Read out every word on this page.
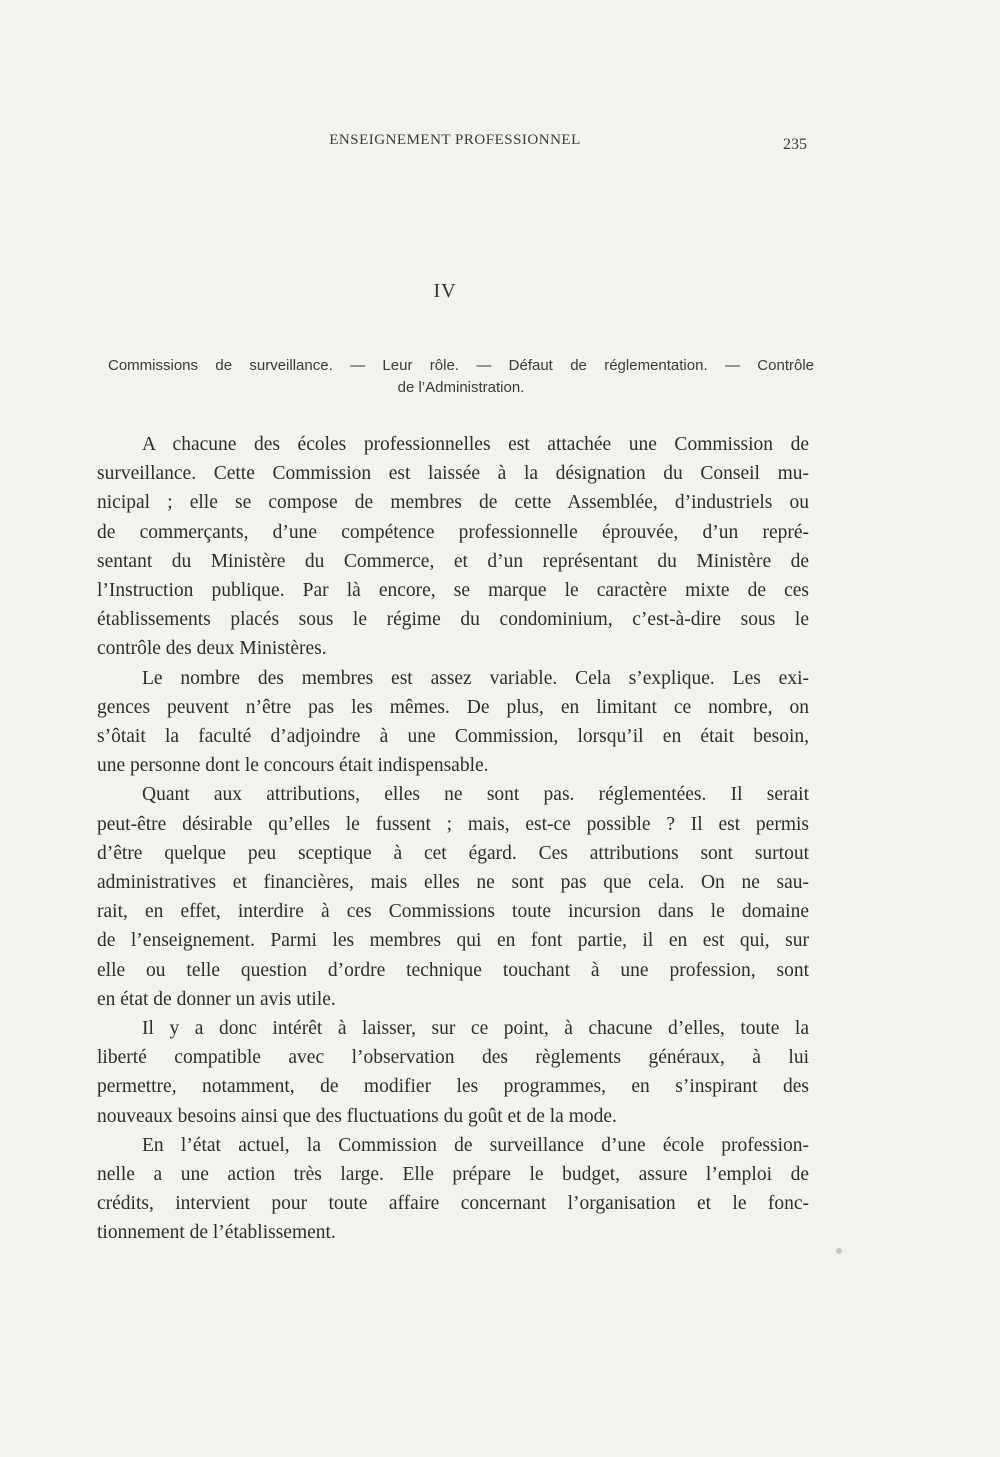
ENSEIGNEMENT PROFESSIONNEL	235
IV
Commissions de surveillance. — Leur rôle. — Défaut de réglementation. — Contrôle
de l’Administration.

A chacune des écoles professionnelles est attachée une Commission de
surveillance. Cette Commission est laissée à la désignation du Conseil mu-
nicipal ; elle se compose de membres de cette Assemblée, d’industriels ou
de commerçants, d’une compétence professionnelle éprouvée, d’un repré-
sentant du Ministère du Commerce, et d’un représentant du Ministère de
l’Instruction publique. Par là encore, se marque le caractère mixte de ces
établissements placés sous le régime du condominium, c’est-à-dire sous le
contrôle des deux Ministères.

Le nombre des membres est assez variable. Cela s’explique. Les exi-
gences peuvent n’être pas les mêmes. De plus, en limitant ce nombre, on
s’ôtait la faculté d’adjoindre à une Commission, lorsqu’il en était besoin,
une personne dont le concours était indispensable.

Quant aux attributions, elles ne sont pas. réglementées. Il serait
peut-être désirable qu’elles le fussent ; mais, est-ce possible ? Il est permis
d’être quelque peu sceptique à cet égard. Ces attributions sont surtout
administratives et financières, mais elles ne sont pas que cela. On ne sau-
rait, en effet, interdire à ces Commissions toute incursion dans le domaine
de l’enseignement. Parmi les membres qui en font partie, il en est qui, sur
elle ou telle question d’ordre technique touchant à une profession, sont
en état de donner un avis utile.

Il y a donc intérêt à laisser, sur ce point, à chacune d’elles, toute la
liberté compatible avec l’observation des règlements généraux, à lui
permettre, notamment, de modifier les programmes, en s’inspirant des
nouveaux besoins ainsi que des fluctuations du goût et de la mode.

En l’état actuel, la Commission de surveillance d’une école profession-
nelle a une action très large. Elle prépare le budget, assure l’emploi de
crédits, intervient pour toute affaire concernant l’organisation et le fonc-
tionnement de l’établissement.
